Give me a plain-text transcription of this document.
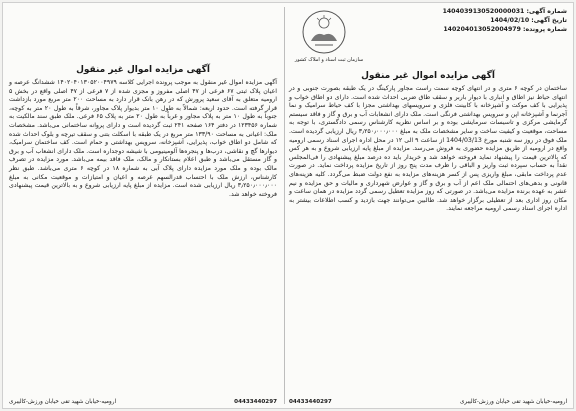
شماره آگهی: 1404039130520000031
تاریخ آگهی: 1404/02/10
شماره پرونده: 140204013052004979
سازمان ثبت اسناد و املاک کشور
آگهی مزایده اموال غیر منقول

ساختمان در کوچه ۶ متری و در انتهای کوچه سمت راست مجاور پارکینگ در یک طبقه بصورت جنوبی و در انتهای حیاط نیز اطاق و انباری با دیوار باربر و سقف طاق ضربی احداث شده است. دارای دو اطاق خواب و پذیرایی با کف موکت و آشپزخانه با کابینت فلزی و سرویسهای بهداشتی مجزا با کف حیاط سرامیک و نما آجرنما و آشپزخانه اپن و سرویس بهداشتی فرنگی است. ملک دارای انشعابات آب و برق و گاز و فاقد سیستم گرمایشی مرکزی و تاسیسات سرمایشی بوده و بر اساس نظریه کارشناس رسمی دادگستری، با توجه به مساحت، موقعیت و کیفیت ساخت و سایر مشخصات ملک به مبلغ ۳٫۲۵۰٫۰۰۰٫۰۰۰ ریال ارزیابی گردیده است. ملک فوق در روز سه شنبه مورخ 1404/03/13 از ساعت ۹ الی ۱۲ در محل اداره اجرای اسناد رسمی ارومیه واقع در ارومیه از طریق مزایده حضوری به فروش می‌رسد. مزایده از مبلغ پایه ارزیابی شروع و به هر کس که بالاترین قیمت را پیشنهاد نماید فروخته خواهد شد و خریدار باید ده درصد مبلغ پیشنهادی را فی‌المجلس نقداً به حساب سپرده ثبت واریز و الباقی را ظرف مدت پنج روز از تاریخ مزایده پرداخت نماید. در صورت عدم پرداخت مابقی، مبلغ واریزی پس از کسر هزینه‌های مزایده به نفع دولت ضبط می‌گردد. کلیه هزینه‌های قانونی و بدهی‌های احتمالی ملک اعم از آب و برق و گاز و عوارض شهرداری و مالیات و حق مزایده و نیم عشر به عهده برنده مزایده می‌باشد. در صورتی که روز مزایده تعطیل رسمی گردد مزایده در همان ساعت و مکان روز اداری بعد از تعطیلی برگزار خواهد شد. طالبین می‌توانند جهت بازدید و کسب اطلاعات بیشتر به اداره اجرای اسناد رسمی ارومیه مراجعه نمایند.

ارومیه-خیابان شهید تقی خیابان ورزش-کالیبری
04433440297
آگهی مزایده اموال غیر منقول

آگهی مزایده اموال غیر منقول به موجب پرونده اجرایی کلاسه ۱۴۰۲۰۴۰۱۳۰۵۲۰۰۴۹۷۹ ششدانگ عرصه و اعیان پلاک ثبتی ۶۷ فرعی از ۴۷ اصلی مفروز و مجزی شده از ۷ فرعی از ۴۷ اصلی واقع در بخش ۵ ارومیه متعلق به آقای سعید پرورش که در رهن بانک قرار دارد به مساحت ۲۰۰ متر مربع مورد بازداشت قرار گرفته است. حدود اربعه: شمالاً به طول ۱۰ متر بدیوار پلاک مجاور، شرقاً به طول ۲۰ متر به کوچه، جنوباً به طول ۱۰ متر به پلاک مجاور و غرباً به طول ۲۰ متر به پلاک ۶۵ فرعی. ملک طبق سند مالکیت به شماره ۱۲۳۴۵۶ در دفتر ۱۶۴ صفحه ۲۴۱ ثبت گردیده است و دارای پروانه ساختمانی می‌باشد. مشخصات ملک: اعیانی به مساحت ۱۳۳/۹۰ متر مربع در یک طبقه با اسکلت بتنی و سقف تیرچه و بلوک احداث شده که شامل دو اطاق خواب، پذیرایی، آشپزخانه، سرویس بهداشتی و حمام است. کف ساختمان سرامیک، دیوارها گچ و نقاشی، درب‌ها و پنجره‌ها آلومینیومی با شیشه دوجداره است. ملک دارای انشعاب آب و برق و گاز مستقل می‌باشد و طبق اعلام بستانکار و مالک، ملک فاقد بیمه می‌باشد. مورد مزایده در تصرف مالک بوده و ملک مورد مزایده دارای پلاک آبی به شماره ۱۸ در کوچه ۶ متری می‌باشد. طبق نظر کارشناس، ارزش ملک با احتساب قدرالسهم عرصه و اعیان و امتیازات و موقعیت مکانی به مبلغ ۳٫۲۵۰٫۰۰۰٫۰۰۰ ریال ارزیابی شده است. مزایده از مبلغ پایه ارزیابی شروع و به بالاترین قیمت پیشنهادی فروخته خواهد شد.

ارومیه-خیابان شهید تقی خیابان ورزش-کالیبری	04433440297
